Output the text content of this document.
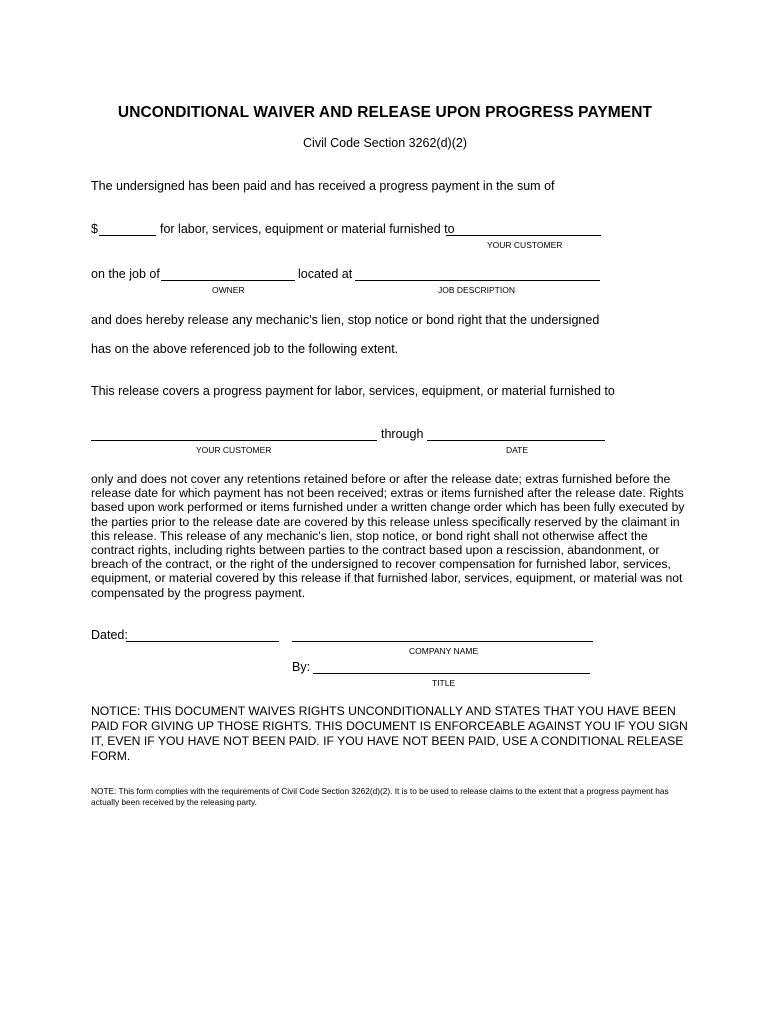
UNCONDITIONAL WAIVER AND RELEASE UPON PROGRESS PAYMENT
Civil Code Section 3262(d)(2)
The undersigned has been paid and has received a progress payment in the sum of
$	for labor, services, equipment or material furnished to
YOUR CUSTOMER
on the job of	located at
OWNER	JOB DESCRIPTION
and does hereby release any mechanic's lien, stop notice or bond right that the undersigned
has on the above referenced job to the following extent.
This release covers a progress payment for labor, services, equipment, or material furnished to
through
YOUR CUSTOMER	DATE
only and does not cover any retentions retained before or after the release date; extras furnished before the release date for which payment has not been received; extras or items furnished after the release date. Rights based upon work performed or items furnished under a written change order which has been fully executed by the parties prior to the release date are covered by this release unless specifically reserved by the claimant in this release. This release of any mechanic's lien, stop notice, or bond right shall not otherwise affect the contract rights, including rights between parties to the contract based upon a rescission, abandonment, or breach of the contract, or the right of the undersigned to recover compensation for furnished labor, services, equipment, or material covered by this release if that furnished labor, services, equipment, or material was not compensated by the progress payment.
Dated:
COMPANY NAME
By:
TITLE
NOTICE: THIS DOCUMENT WAIVES RIGHTS UNCONDITIONALLY AND STATES THAT YOU HAVE BEEN PAID FOR GIVING UP THOSE RIGHTS. THIS DOCUMENT IS ENFORCEABLE AGAINST YOU IF YOU SIGN IT, EVEN IF YOU HAVE NOT BEEN PAID. IF YOU HAVE NOT BEEN PAID, USE A CONDITIONAL RELEASE FORM.
NOTE: This form complies with the requirements of Civil Code Section 3262(d)(2). It is to be used to release claims to the extent that a progress payment has actually been received by the releasing party.
